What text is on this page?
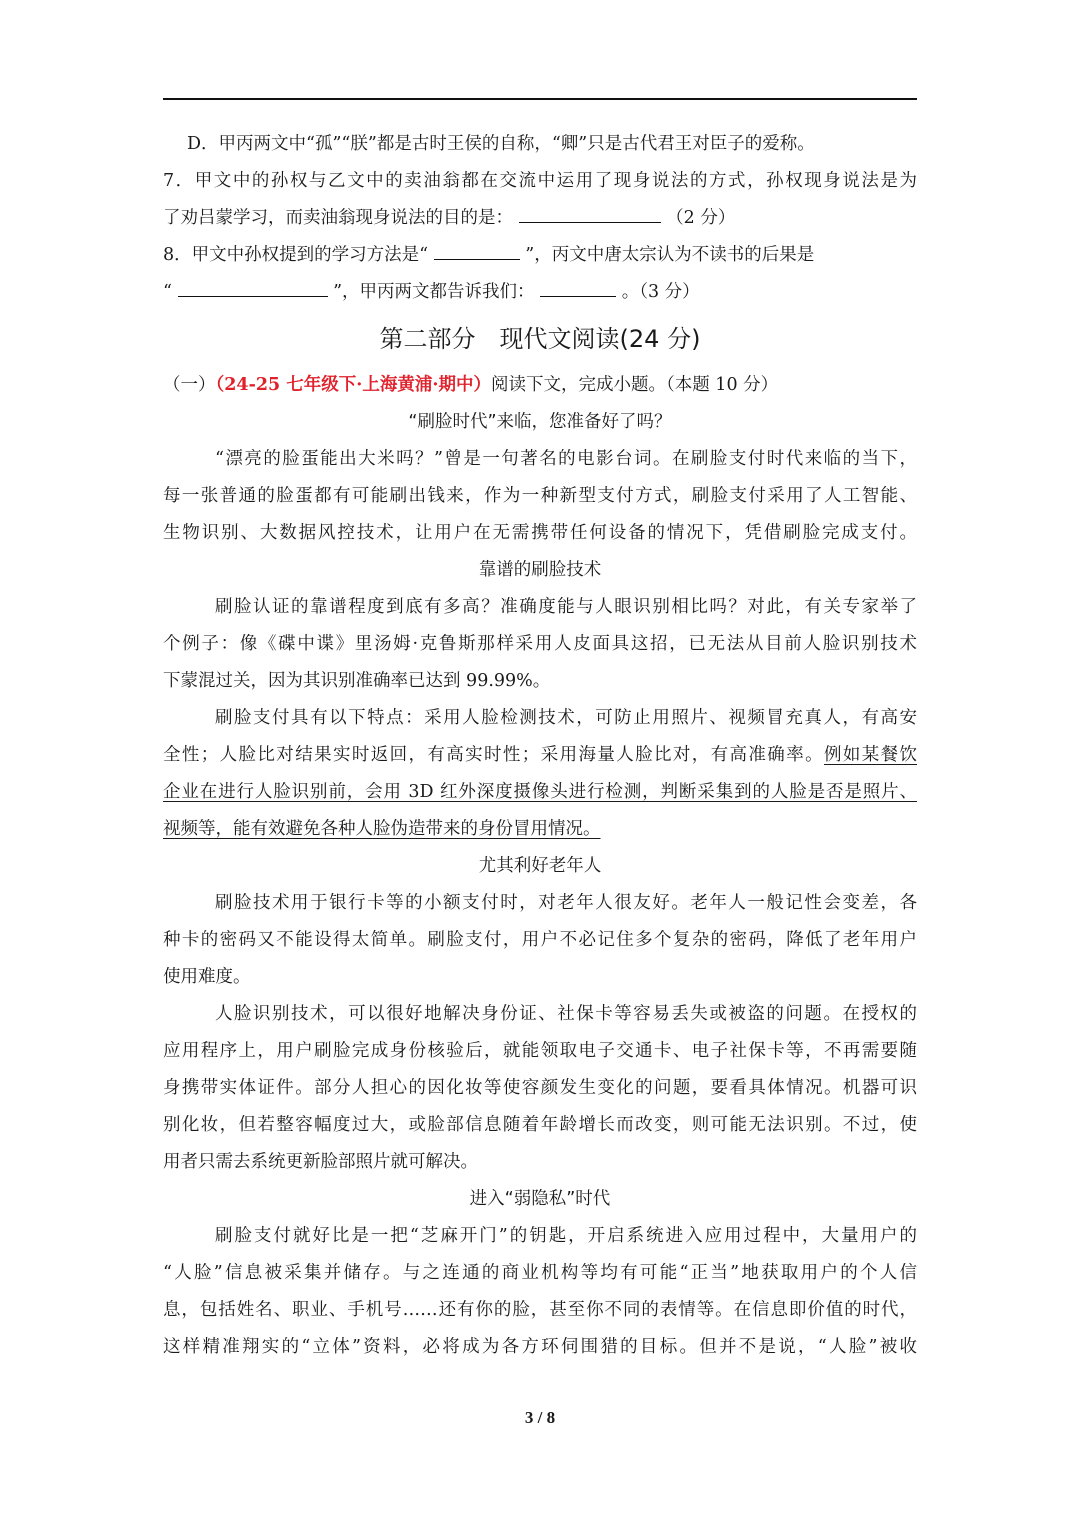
D．甲丙两文中“孤”“朕”都是古时王侯的自称，“卿”只是古代君王对臣子的爱称。
7．甲文中的孙权与乙文中的卖油翁都在交流中运用了现身说法的方式，孙权现身说法是为
了劝吕蒙学习，而卖油翁现身说法的目的是：	（2 分）
8．甲文中孙权提到的学习方法是“	”，丙文中唐太宗认为不读书的后果是
“	”，甲丙两文都告诉我们：	。（3 分）
第二部分　现代文阅读(24 分)
（一）（24-25 七年级下·上海黄浦·期中）阅读下文，完成小题。（本题 10 分）
“刷脸时代”来临，您准备好了吗？
“漂亮的脸蛋能出大米吗？”曾是一句著名的电影台词。在刷脸支付时代来临的当下，
每一张普通的脸蛋都有可能刷出钱来，作为一种新型支付方式，刷脸支付采用了人工智能、
生物识别、大数据风控技术，让用户在无需携带任何设备的情况下，凭借刷脸完成支付。
靠谱的刷脸技术
刷脸认证的靠谱程度到底有多高？准确度能与人眼识别相比吗？对此，有关专家举了
个例子：像《碟中谍》里汤姆·克鲁斯那样采用人皮面具这招，已无法从目前人脸识别技术
下蒙混过关，因为其识别准确率已达到 99.99%。
刷脸支付具有以下特点：采用人脸检测技术，可防止用照片、视频冒充真人，有高安
全性；人脸比对结果实时返回，有高实时性；采用海量人脸比对，有高准确率。例如某餐饮
企业在进行人脸识别前，会用 3D 红外深度摄像头进行检测，判断采集到的人脸是否是照片、
视频等，能有效避免各种人脸伪造带来的身份冒用情况。
尤其利好老年人
刷脸技术用于银行卡等的小额支付时，对老年人很友好。老年人一般记性会变差，各
种卡的密码又不能设得太简单。刷脸支付，用户不必记住多个复杂的密码，降低了老年用户
使用难度。
人脸识别技术，可以很好地解决身份证、社保卡等容易丢失或被盗的问题。在授权的
应用程序上，用户刷脸完成身份核验后，就能领取电子交通卡、电子社保卡等，不再需要随
身携带实体证件。部分人担心的因化妆等使容颜发生变化的问题，要看具体情况。机器可识
别化妆，但若整容幅度过大，或脸部信息随着年龄增长而改变，则可能无法识别。不过，使
用者只需去系统更新脸部照片就可解决。
进入“弱隐私”时代
刷脸支付就好比是一把“芝麻开门”的钥匙，开启系统进入应用过程中，大量用户的
“人脸”信息被采集并储存。与之连通的商业机构等均有可能“正当”地获取用户的个人信
息，包括姓名、职业、手机号……还有你的脸，甚至你不同的表情等。在信息即价值的时代，
这样精准翔实的“立体”资料，必将成为各方环伺围猎的目标。但并不是说，“人脸”被收
3 / 8
